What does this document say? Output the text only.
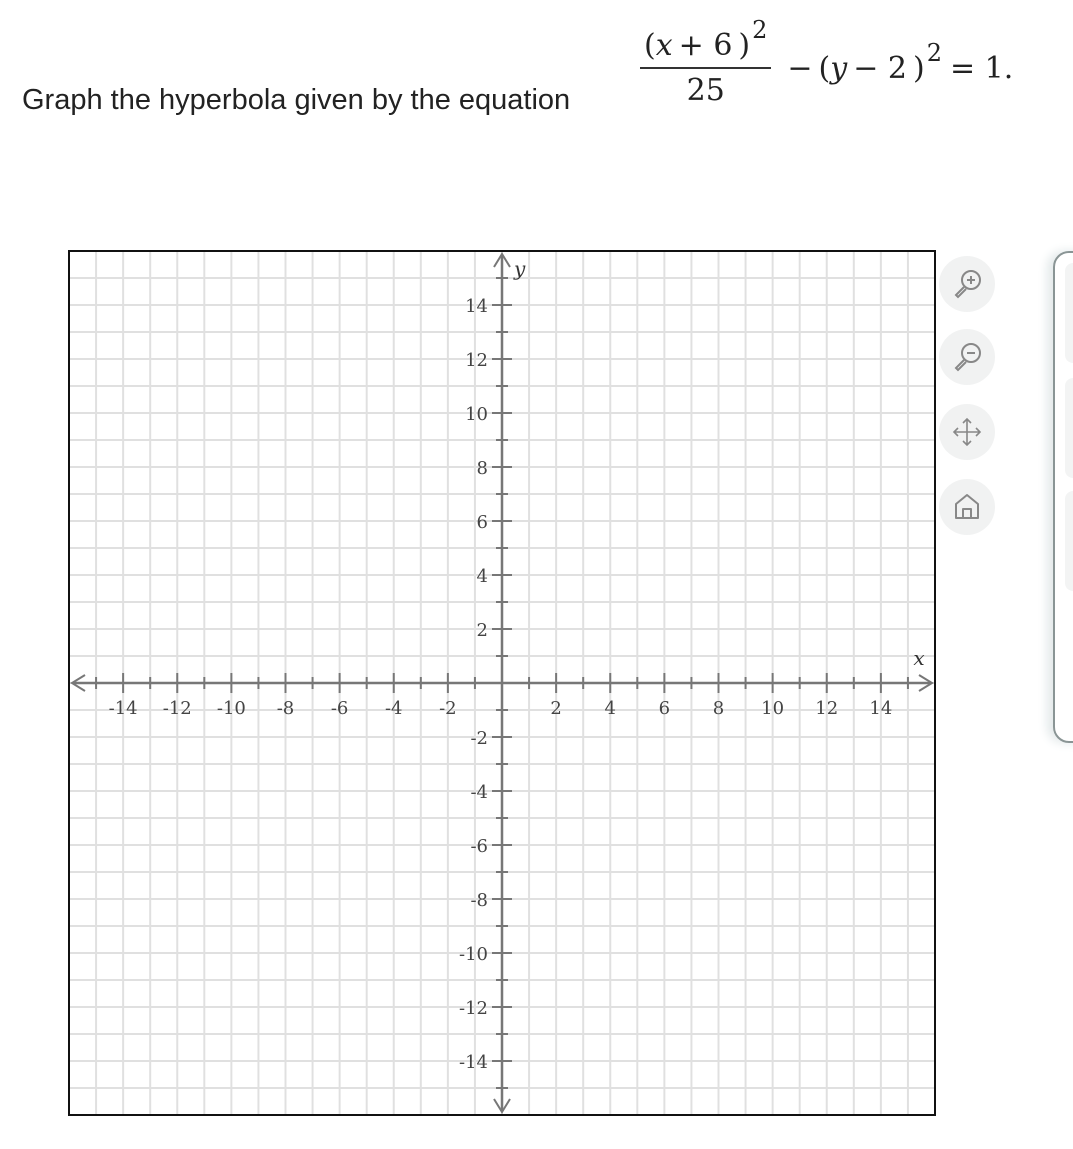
Graph the hyperbola given by the equation $\frac{( x + 6 ) 2}{25}$ − ( y − 2 ) 2 = 1.
-14 -12 -10 -8 -6 -4 -2	2 4 6 8 10 12 14
14
12
10
8
6
4
2
-2
-4
-6
-8
-10
-12
-14
x
y
